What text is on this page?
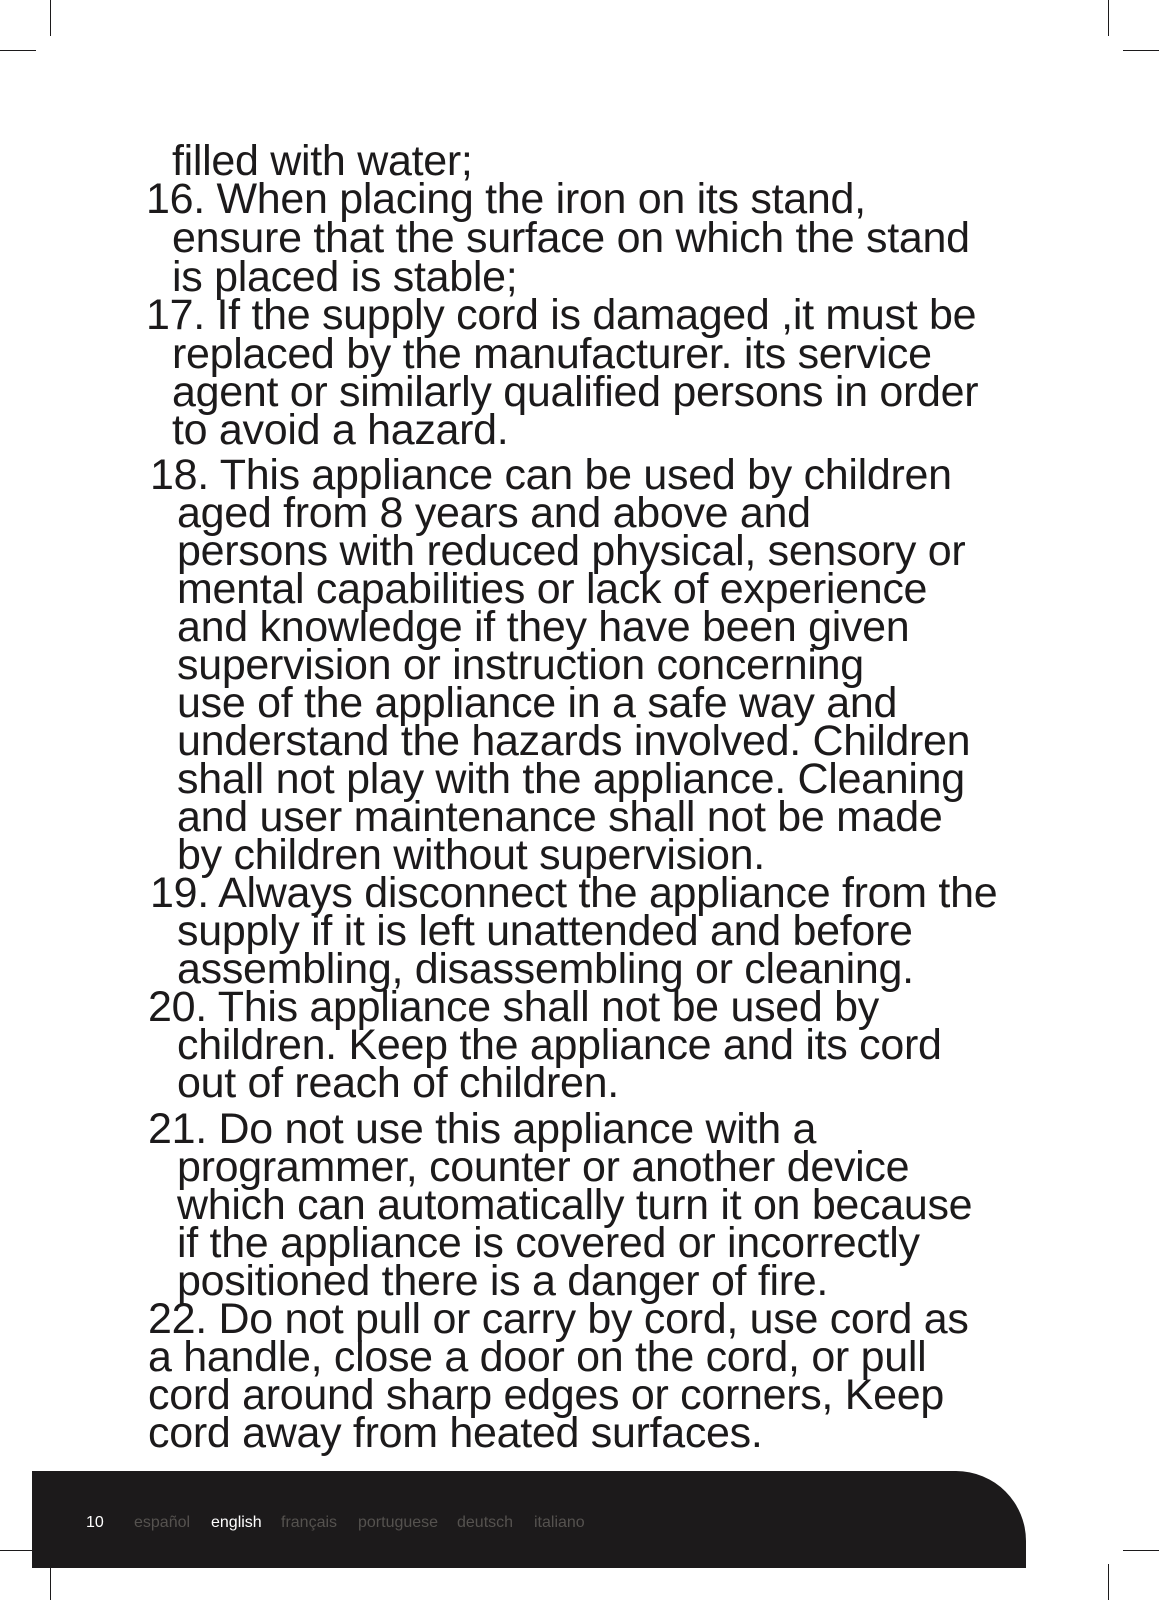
filled with water;
16. When placing the iron on its stand,
ensure that the surface on which the stand
is placed is stable;
17. If the supply cord is damaged ,it must be
replaced by the manufacturer. its service
agent or similarly qualified persons in order
to avoid a hazard.
18. This appliance can be used by children
aged from 8 years and above and
persons with reduced physical, sensory or
mental capabilities or lack of experience
and knowledge if they have been given
supervision or instruction concerning
use of the appliance in a safe way and
understand the hazards involved. Children
shall not play with the appliance. Cleaning
and user maintenance shall not be made
by children without supervision.
19. Always disconnect the appliance from the
supply if it is left unattended and before
assembling, disassembling or cleaning.
20. This appliance shall not be used by
children. Keep the appliance and its cord
out of reach of children.
21. Do not use this appliance with a
programmer, counter or another device
which can automatically turn it on because
if the appliance is covered or incorrectly
positioned there is a danger of fire.
22. Do not pull or carry by cord, use cord as
a handle, close a door on the cord, or pull
cord around sharp edges or corners, Keep
cord away from heated surfaces.
10 español english français portuguese deutsch italiano
